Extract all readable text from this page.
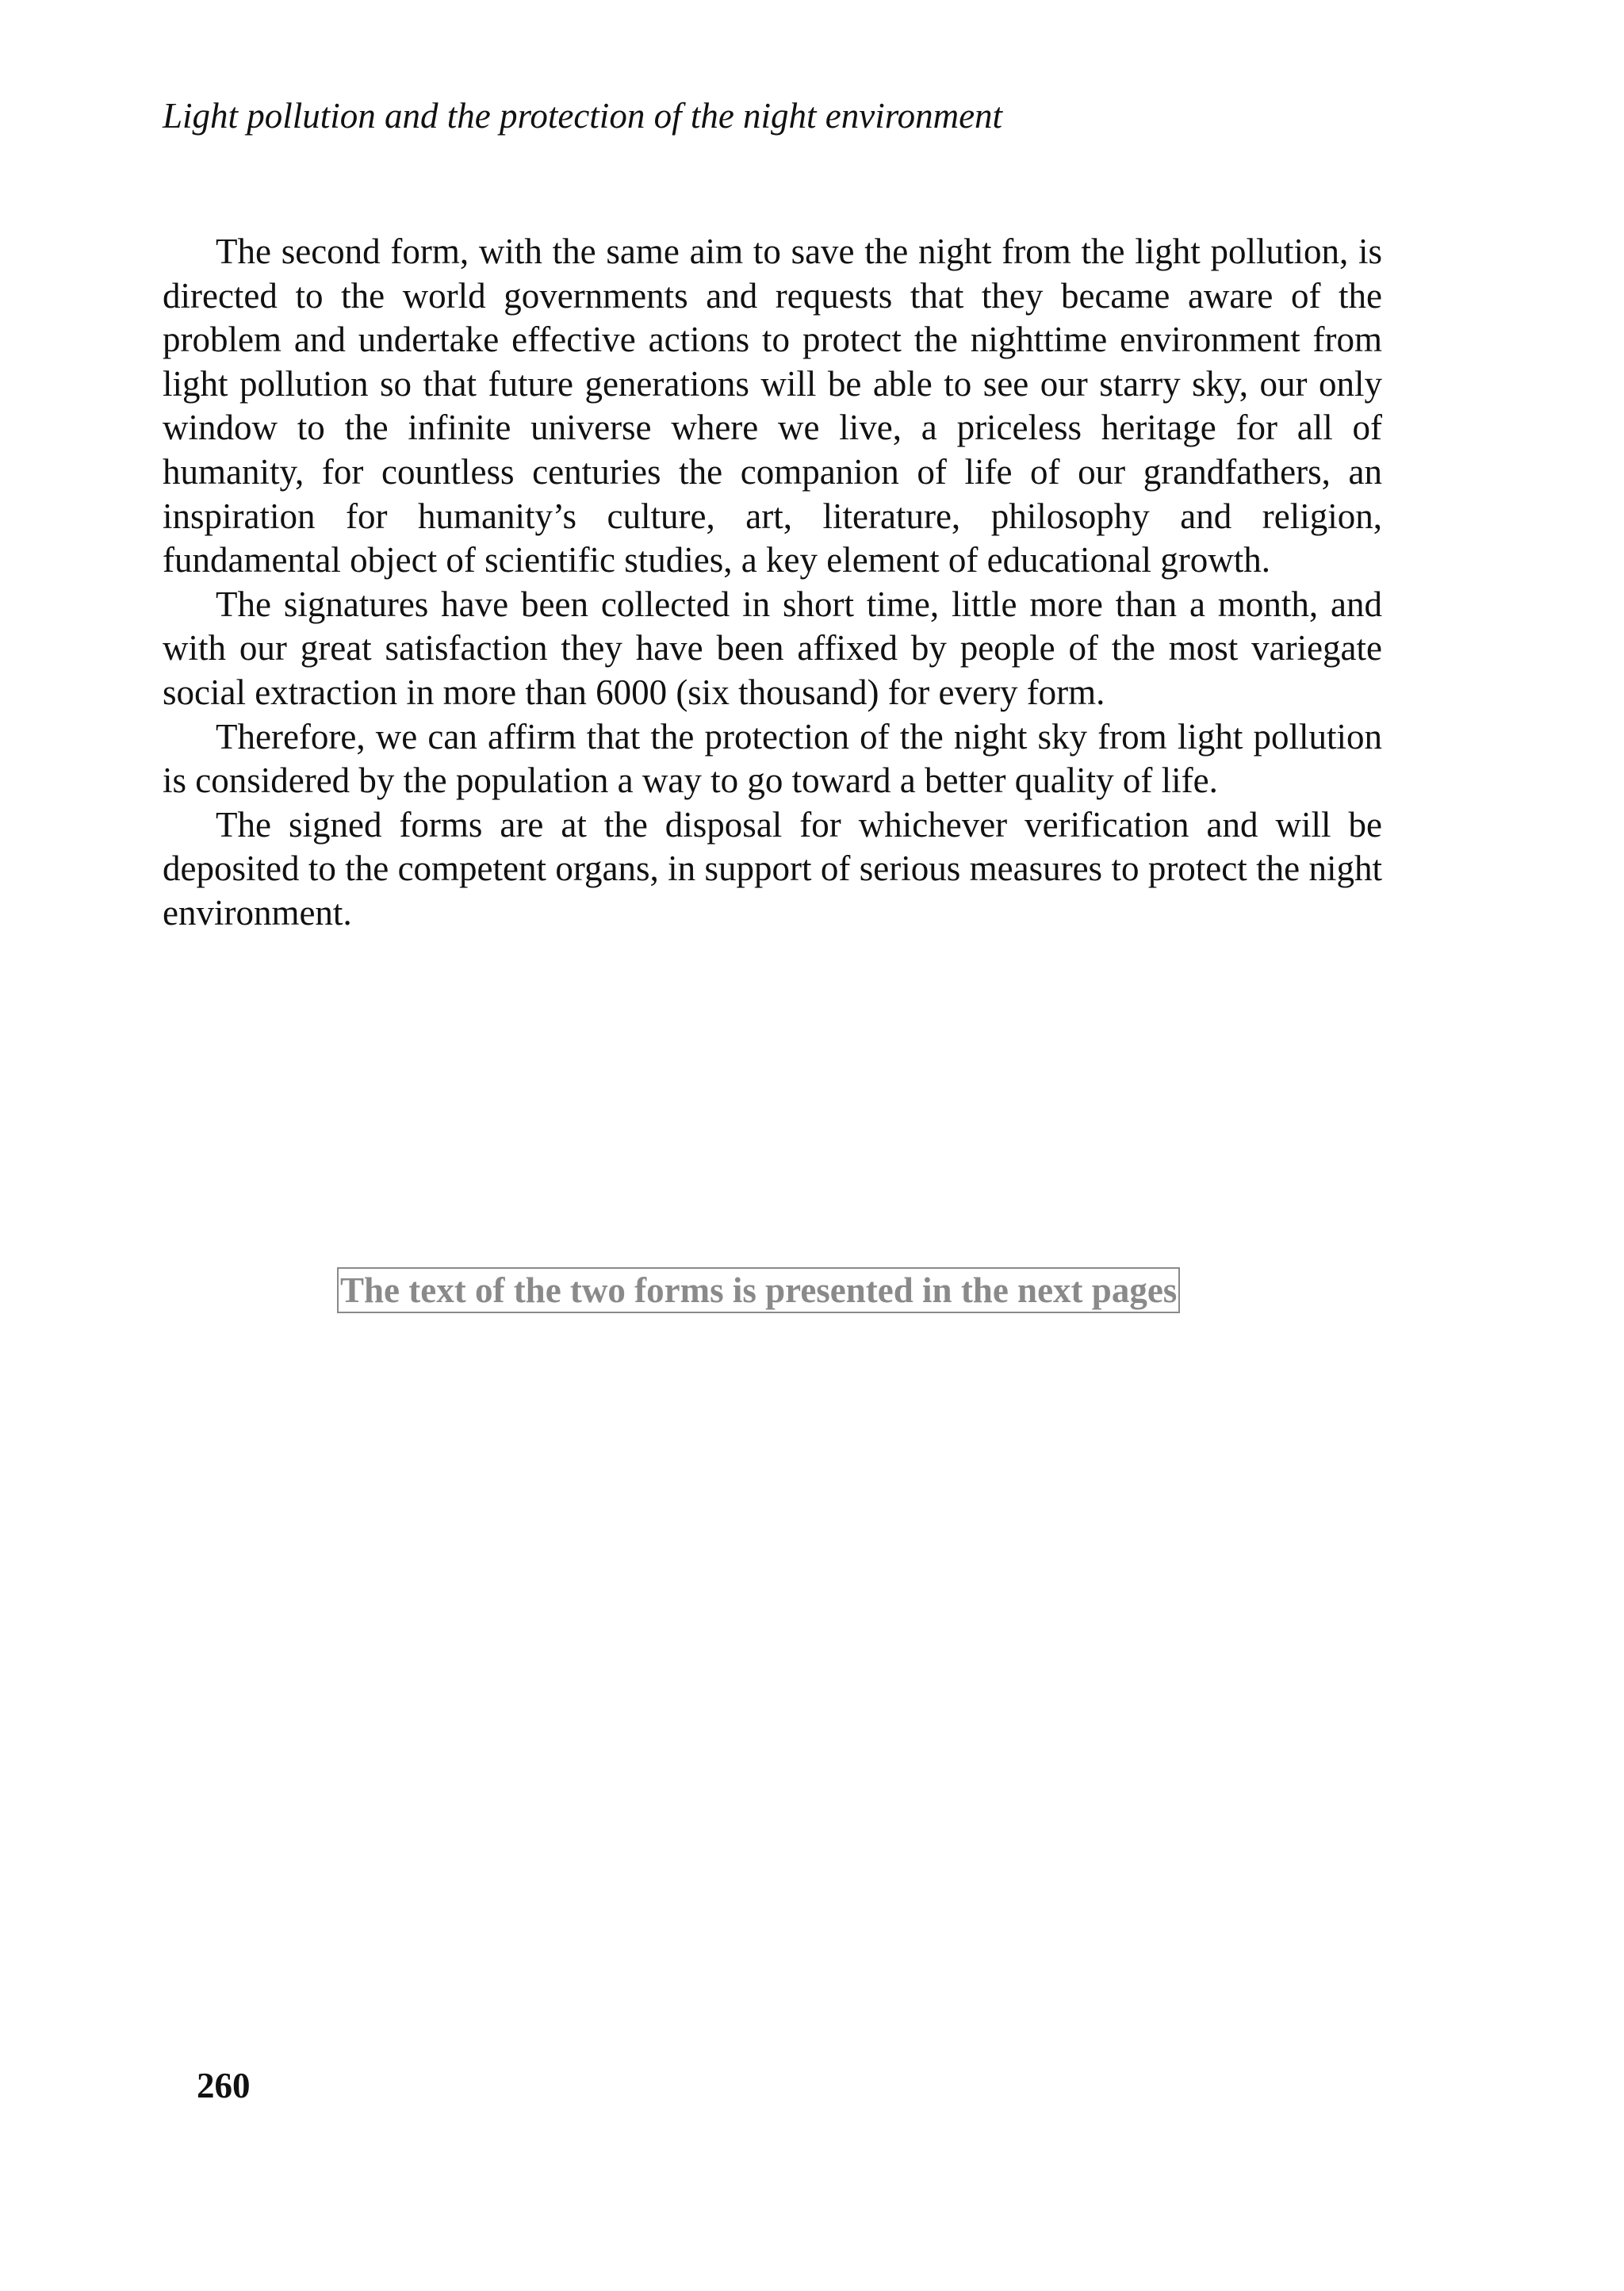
Light pollution and the protection of the night environment

The second form, with the same aim to save the night from the light pollution, is directed to the world governments and requests that they became aware of the problem and undertake effective actions to protect the nighttime environment from light pollution so that future generations will be able to see our starry sky, our only window to the infinite universe where we live, a priceless heritage for all of humanity, for countless centuries the companion of life of our grandfathers, an inspiration for humanity’s culture, art, literature, philosophy and religion, fundamental object of scientific studies, a key element of educational growth.

The signatures have been collected in short time, little more than a month, and with our great satisfaction they have been affixed by people of the most variegate social extraction in more than 6000 (six thousand) for every form.

Therefore, we can affirm that the protection of the night sky from light pollution is considered by the population a way to go toward a better quality of life.

The signed forms are at the disposal for whichever verification and will be deposited to the competent organs, in support of serious measures to protect the night environment.

The text of the two forms is presented in the next pages
260
